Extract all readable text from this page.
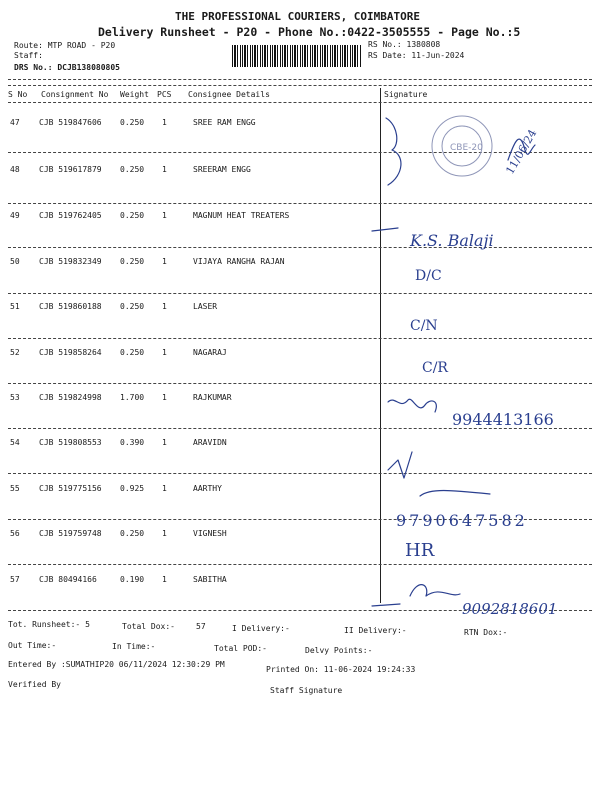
THE PROFESSIONAL COURIERS, COIMBATORE
Delivery Runsheet - P20 - Phone No.:0422-3505555 - Page No.:5
Route: MTP ROAD - P20
Staff:
DRS No.: DCJB138080805
RS No.: 1380808
RS Date: 11-Jun-2024
S No Consignment No Weight PCS Consignee Details	Signature
47 CJB 519847606 0.250 1	SREE RAM ENGG
48 CJB 519617879 0.250 1	SREERAM ENGG
49 CJB 519762405 0.250 1	MAGNUM HEAT TREATERS
50 CJB 519832349 0.250 1	VIJAYA RANGHA RAJAN
51 CJB 519860188 0.250 1	LASER
52 CJB 519858264 0.250 1	NAGARAJ
53 CJB 519824998 1.700 1	RAJKUMAR
54 CJB 519808553 0.390 1	ARAVIDN
55 CJB 519775156 0.925 1	AARTHY
56 CJB 519759748 0.250 1	VIGNESH
57 CJB 80494166	0.190 1	SABITHA
CBE-20 11/06/24
K.S. Balaji
D/C
C/N
C/R
9944413166
9790647582
HR
9092818601
Tot. Runsheet:- 5	Total Dox:-	57	I Delivery:-	II Delivery:-	RTN Dox:-
Out Time:-	In Time:-	Total POD:-	Delvy Points:-
Entered By :SUMATHIP20 06/11/2024 12:30:29 PM
Printed On: 11-06-2024 19:24:33
Verified By
Staff Signature
